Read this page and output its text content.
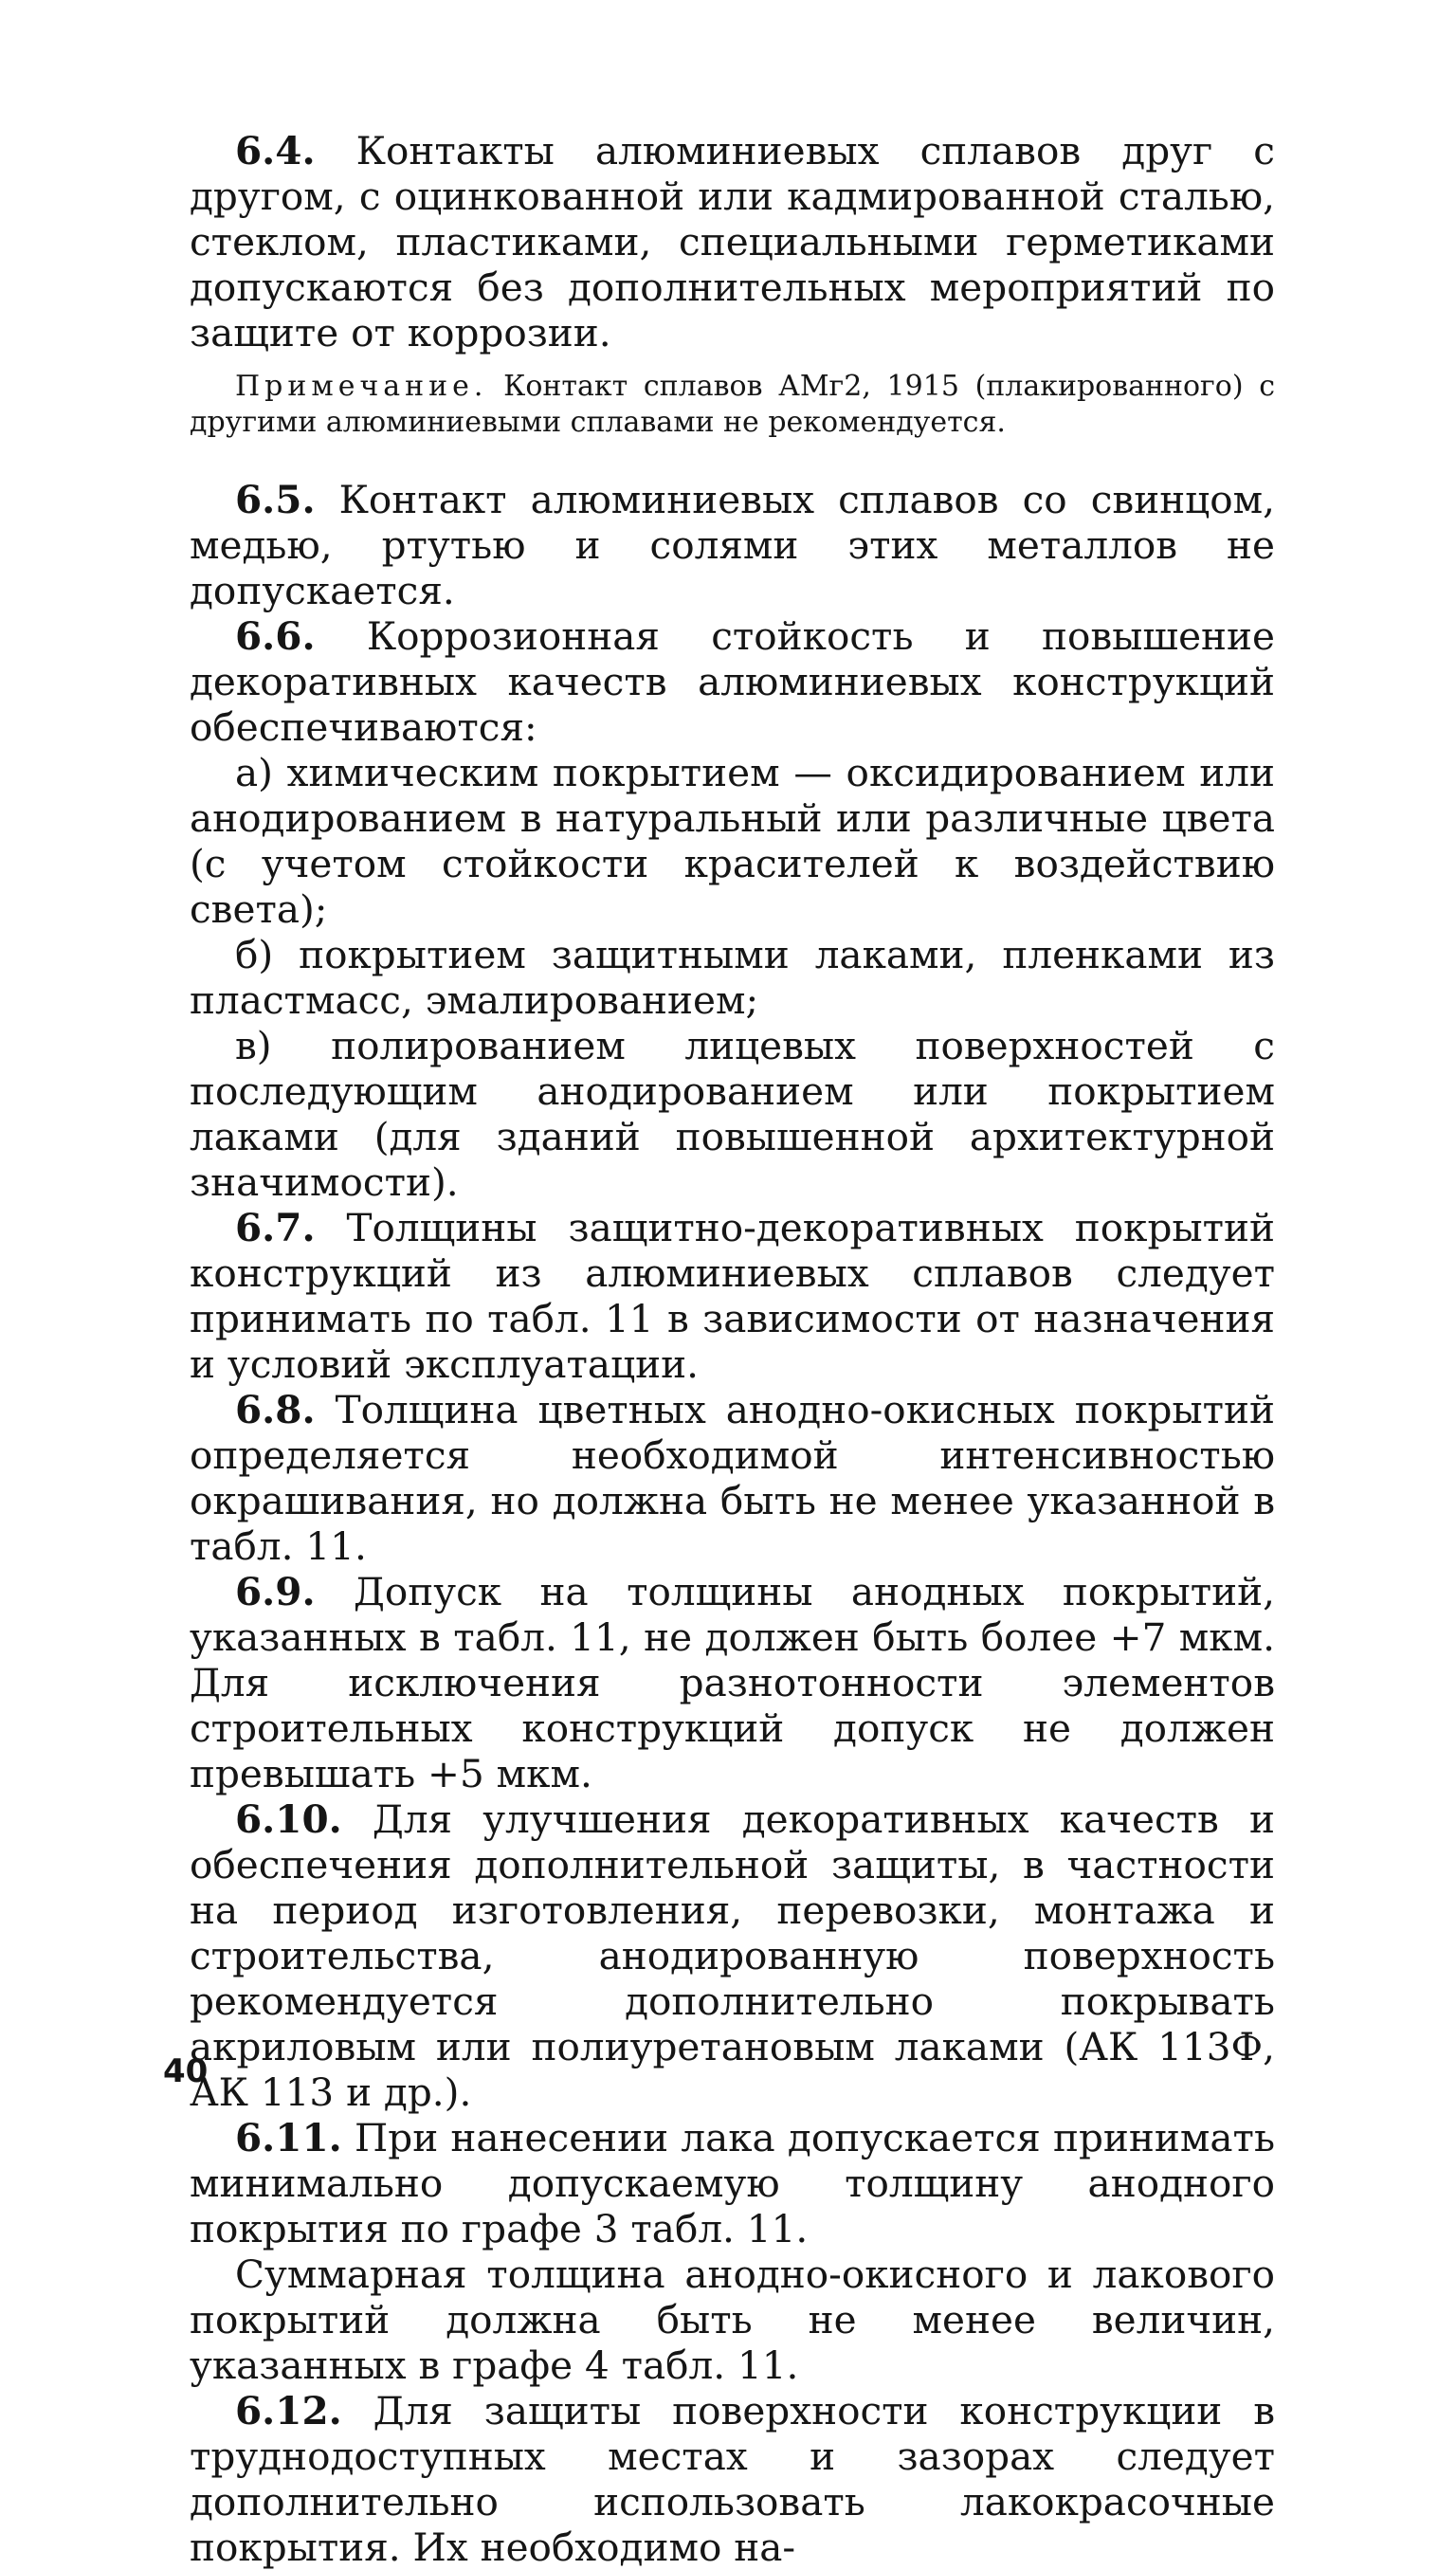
6.4. Контакты алюминиевых сплавов друг с другом, с оцинкованной или кадмированной сталью, стеклом, пластиками, специальными герметиками допускаются без дополнительных мероприятий по защите от коррозии.

Примечание. Контакт сплавов АМг2, 1915 (плакированного) с другими алюминиевыми сплавами не рекомендуется.

6.5. Контакт алюминиевых сплавов со свинцом, медью, ртутью и солями этих металлов не допускается.

6.6. Коррозионная стойкость и повышение декоративных качеств алюминиевых конструкций обеспечиваются:

а) химическим покрытием — оксидированием или анодированием в натуральный или различные цвета (с учетом стойкости красителей к воздействию света);

б) покрытием защитными лаками, пленками из пластмасс, эмалированием;

в) полированием лицевых поверхностей с последующим анодированием или покрытием лаками (для зданий повышенной архитектурной значимости).

6.7. Толщины защитно-декоративных покрытий конструкций из алюминиевых сплавов следует принимать по табл. 11 в зависимости от назначения и условий эксплуатации.

6.8. Толщина цветных анодно-окисных покрытий определяется необходимой интенсивностью окрашивания, но должна быть не менее указанной в табл. 11.

6.9. Допуск на толщины анодных покрытий, указанных в табл. 11, не должен быть более +7 мкм. Для исключения разнотонности элементов строительных конструкций допуск не должен превышать +5 мкм.

6.10. Для улучшения декоративных качеств и обеспечения дополнительной защиты, в частности на период изготовления, перевозки, монтажа и строительства, анодированную поверхность рекомендуется дополнительно покрывать акриловым или полиуретановым лаками (АК 113Ф, АК 113 и др.).

6.11. При нанесении лака допускается принимать минимально допускаемую толщину анодного покрытия по графе 3 табл. 11.

Суммарная толщина анодно-окисного и лакового покрытий должна быть не менее величин, указанных в графе 4 табл. 11.

6.12. Для защиты поверхности конструкции в труднодоступных местах и зазорах следует дополнительно использовать лакокрасочные покрытия. Их необходимо на-

40
